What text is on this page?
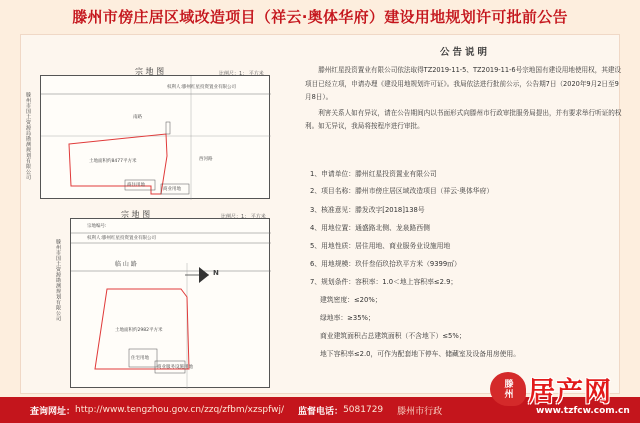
滕州市傍庄居区域改造项目（祥云·奥体华府）建设用地规划许可批前公告
宗 地 图	比例尺：1： 平方米
权利人:滕州红星投资置业有限公司
南路
西河路
土地面积约8477平方米
商住用地
商业用地
滕州市国土资源局勘测规划有限公司
宗 地 图	比例尺：1： 平方米
宗地编号:
权利人:滕州红星投资置业有限公司
临 山 路
N
土地面积约2982平方米
商业服务设施用地
住宅用地
滕州市国土资源勘测规划有限公司
公告说明

滕州红星投资置业有限公司依法取得TZ2019-11-5、TZ2019-11-6号宗地国有建设用地使用权，其建设项目已经立项，申请办理《建设用地规划许可证》。我局依法进行批前公示，公告期7日（2020年9月2日至9月8日）。

利害关系人如有异议，请在公告期间内以书面形式向滕州市行政审批服务局提出，并有要求举行听证的权利。如无异议，我局将按程序进行审批。

1、申请单位：滕州红星投资置业有限公司
2、项目名称：滕州市傍庄居区域改造项目（祥云·奥体华府）
3、核准意见：滕发改字[2018]138号
4、用地位置：通盛路北侧、龙泉路西侧
5、用地性质：居住用地、商业服务业设施用地
6、用地规模：玖仟叁佰玖拾玖平方米（9399㎡）
7、规划条件：容积率：1.0＜地上容积率≤2.9；
建筑密度：≤20%；
绿地率：≥35%；
商业建筑面积占总建筑面积（不含地下）≤5%；
地下容积率≤2.0，可作为配套地下停车、储藏室及设备用房使用。
查询网址： http://www.tengzhou.gov.cn/zzq/zfbm/xzspfwj/ 监督电话： 5081729 滕州市行政
滕州 居产网
www.tzfcw.com.cn
